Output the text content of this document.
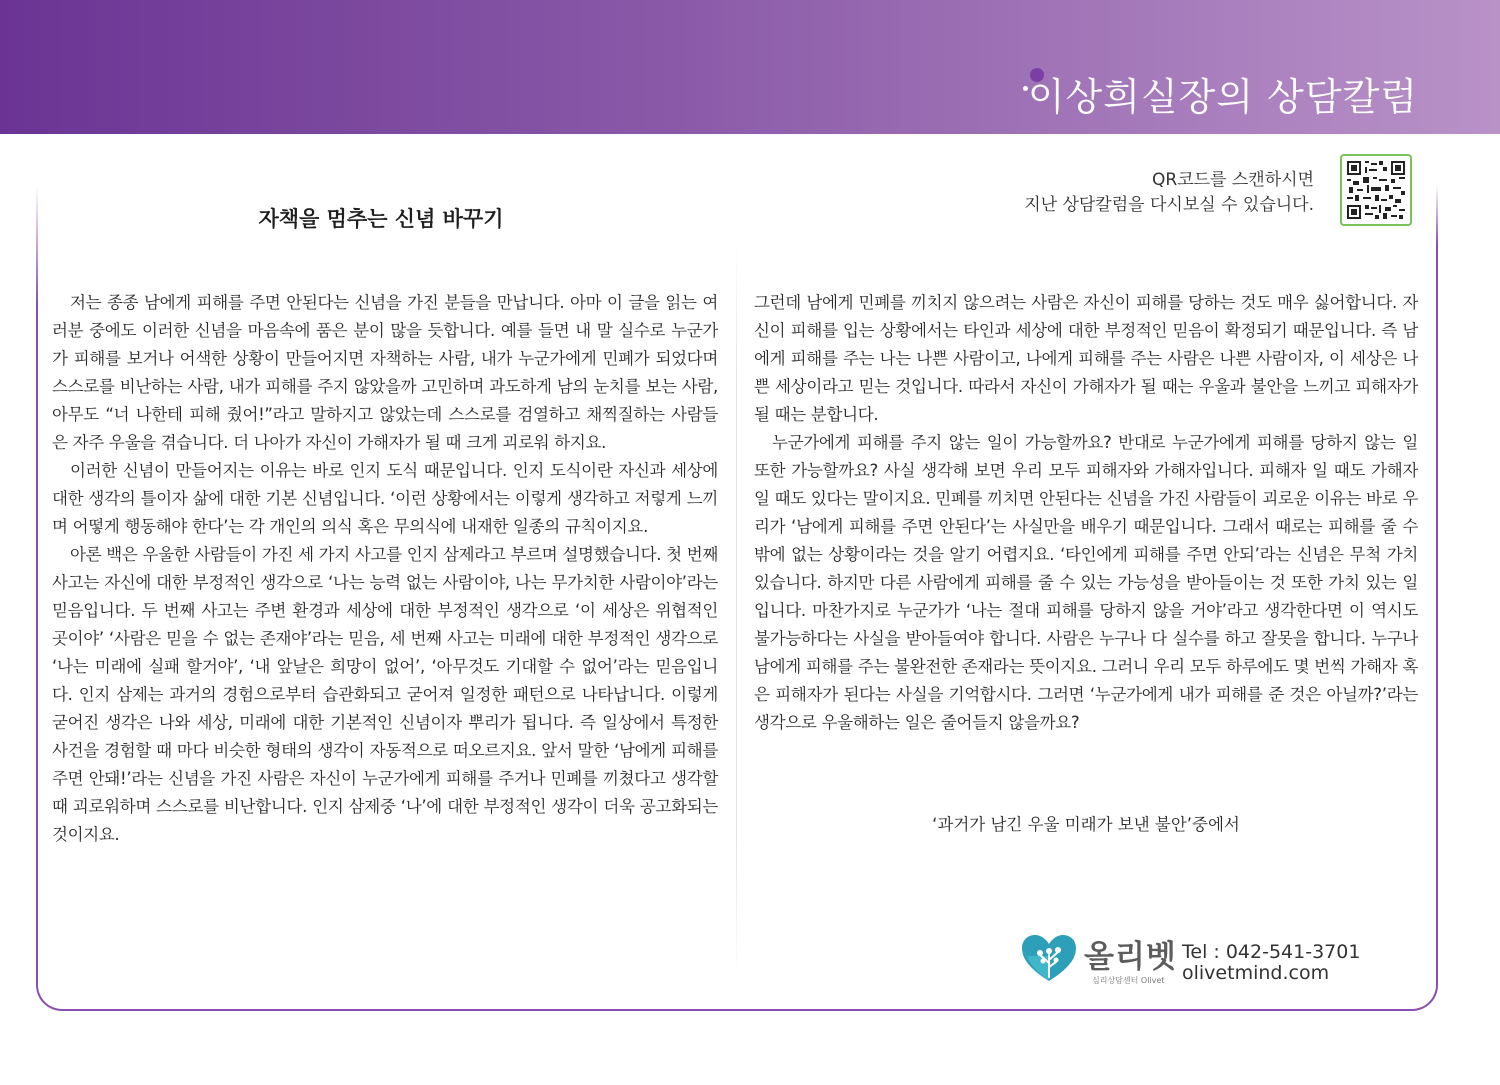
이상희실장의 상담칼럼
자책을 멈추는 신념 바꾸기
QR코드를 스캔하시면
지난 상담칼럼을 다시보실 수 있습니다.

저는 종종 남에게 피해를 주면 안된다는 신념을 가진 분들을 만납니다. 아마 이 글을 읽는 여러분 중에도 이러한 신념을 마음속에 품은 분이 많을 듯합니다. 예를 들면 내 말 실수로 누군가가 피해를 보거나 어색한 상황이 만들어지면 자책하는 사람, 내가 누군가에게 민폐가 되었다며 스스로를 비난하는 사람, 내가 피해를 주지 않았을까 고민하며 과도하게 남의 눈치를 보는 사람, 아무도 “너 나한테 피해 줬어!”라고 말하지고 않았는데 스스로를 검열하고 채찍질하는 사람들은 자주 우울을 겪습니다. 더 나아가 자신이 가해자가 될 때 크게 괴로워 하지요.

이러한 신념이 만들어지는 이유는 바로 인지 도식 때문입니다. 인지 도식이란 자신과 세상에 대한 생각의 틀이자 삶에 대한 기본 신념입니다. ‘이런 상황에서는 이렇게 생각하고 저렇게 느끼며 어떻게 행동해야 한다’는 각 개인의 의식 혹은 무의식에 내재한 일종의 규칙이지요.

아론 백은 우울한 사람들이 가진 세 가지 사고를 인지 삼제라고 부르며 설명했습니다. 첫 번째 사고는 자신에 대한 부정적인 생각으로 ‘나는 능력 없는 사람이야, 나는 무가치한 사람이야’라는 믿음입니다. 두 번째 사고는 주변 환경과 세상에 대한 부정적인 생각으로 ‘이 세상은 위협적인 곳이야’ ‘사람은 믿을 수 없는 존재야’라는 믿음, 세 번째 사고는 미래에 대한 부정적인 생각으로 ‘나는 미래에 실패 할거야’, ‘내 앞날은 희망이 없어’, ‘아무것도 기대할 수 없어’라는 믿음입니다. 인지 삼제는 과거의 경험으로부터 습관화되고 굳어져 일정한 패턴으로 나타납니다. 이렇게 굳어진 생각은 나와 세상, 미래에 대한 기본적인 신념이자 뿌리가 됩니다. 즉 일상에서 특정한 사건을 경험할 때 마다 비슷한 형태의 생각이 자동적으로 떠오르지요. 앞서 말한 ‘남에게 피해를 주면 안돼!’라는 신념을 가진 사람은 자신이 누군가에게 피해를 주거나 민폐를 끼쳤다고 생각할 때 괴로워하며 스스로를 비난합니다. 인지 삼제중 ‘나’에 대한 부정적인 생각이 더욱 공고화되는 것이지요.

그런데 남에게 민폐를 끼치지 않으려는 사람은 자신이 피해를 당하는 것도 매우 싫어합니다. 자신이 피해를 입는 상황에서는 타인과 세상에 대한 부정적인 믿음이 확정되기 때문입니다. 즉 남에게 피해를 주는 나는 나쁜 사람이고, 나에게 피해를 주는 사람은 나쁜 사람이자, 이 세상은 나쁜 세상이라고 믿는 것입니다. 따라서 자신이 가해자가 될 때는 우울과 불안을 느끼고 피해자가 될 때는 분합니다.

누군가에게 피해를 주지 않는 일이 가능할까요? 반대로 누군가에게 피해를 당하지 않는 일 또한 가능할까요? 사실 생각해 보면 우리 모두 피해자와 가해자입니다. 피해자 일 때도 가해자 일 때도 있다는 말이지요. 민폐를 끼치면 안된다는 신념을 가진 사람들이 괴로운 이유는 바로 우리가 ‘남에게 피해를 주면 안된다’는 사실만을 배우기 때문입니다. 그래서 때로는 피해를 줄 수밖에 없는 상황이라는 것을 알기 어렵지요. ‘타인에게 피해를 주면 안되’라는 신념은 무척 가치 있습니다. 하지만 다른 사람에게 피해를 줄 수 있는 가능성을 받아들이는 것 또한 가치 있는 일입니다. 마찬가지로 누군가가 ‘나는 절대 피해를 당하지 않을 거야’라고 생각한다면 이 역시도 불가능하다는 사실을 받아들여야 합니다. 사람은 누구나 다 실수를 하고 잘못을 합니다. 누구나 남에게 피해를 주는 불완전한 존재라는 뜻이지요. 그러니 우리 모두 하루에도 몇 번씩 가해자 혹은 피해자가 된다는 사실을 기억합시다. 그러면 ‘누군가에게 내가 피해를 준 것은 아닐까?’라는 생각으로 우울해하는 일은 줄어들지 않을까요?

‘과거가 남긴 우울 미래가 보낸 불안’중에서
올리벳
심리상담센터 Olivet
Tel : 042-541-3701
olivetmind.com
